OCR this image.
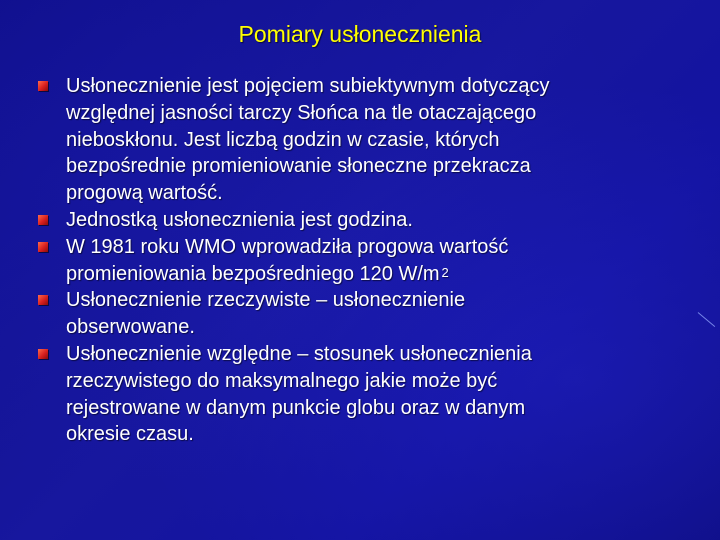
Pomiary usłonecznienia
Usłonecznienie jest pojęciem subiektywnym dotyczący
względnej jasności tarczy Słońca na tle otaczającego
nieboskłonu. Jest liczbą godzin w czasie, których
bezpośrednie promieniowanie słoneczne przekracza
progową wartość.
Jednostką usłonecznienia jest godzina.
W 1981 roku WMO wprowadziła progowa wartość
promieniowania bezpośredniego 120 W/m $^2$
Usłonecznienie rzeczywiste – usłonecznienie
obserwowane.
Usłonecznienie względne – stosunek usłonecznienia
rzeczywistego do maksymalnego jakie może być
rejestrowane w danym punkcie globu oraz w danym
okresie czasu.
